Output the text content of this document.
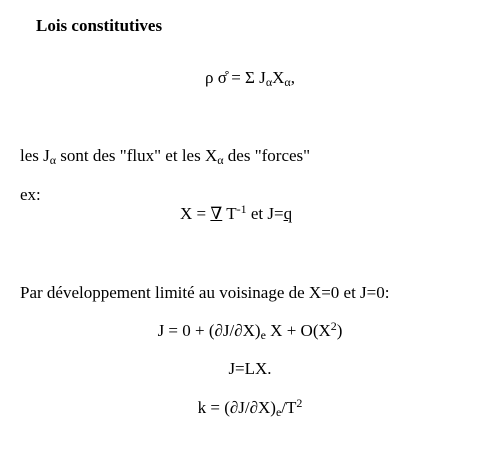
Lois constitutives
ρ σ̊ = Σ $J_\alpha X_\alpha$,
les $J_\alpha$ sont des "flux" et les $X_\alpha$ des "forces"
ex:
X = ∇ $T^{-1}$ et J=q
Par développement limité au voisinage de X=0 et J=0:
$J = 0 + (\partial J/\partial X)_e$ $X + O(X^2)$
J=LX.
$k = (\partial J/\partial X)_e/T^2$
